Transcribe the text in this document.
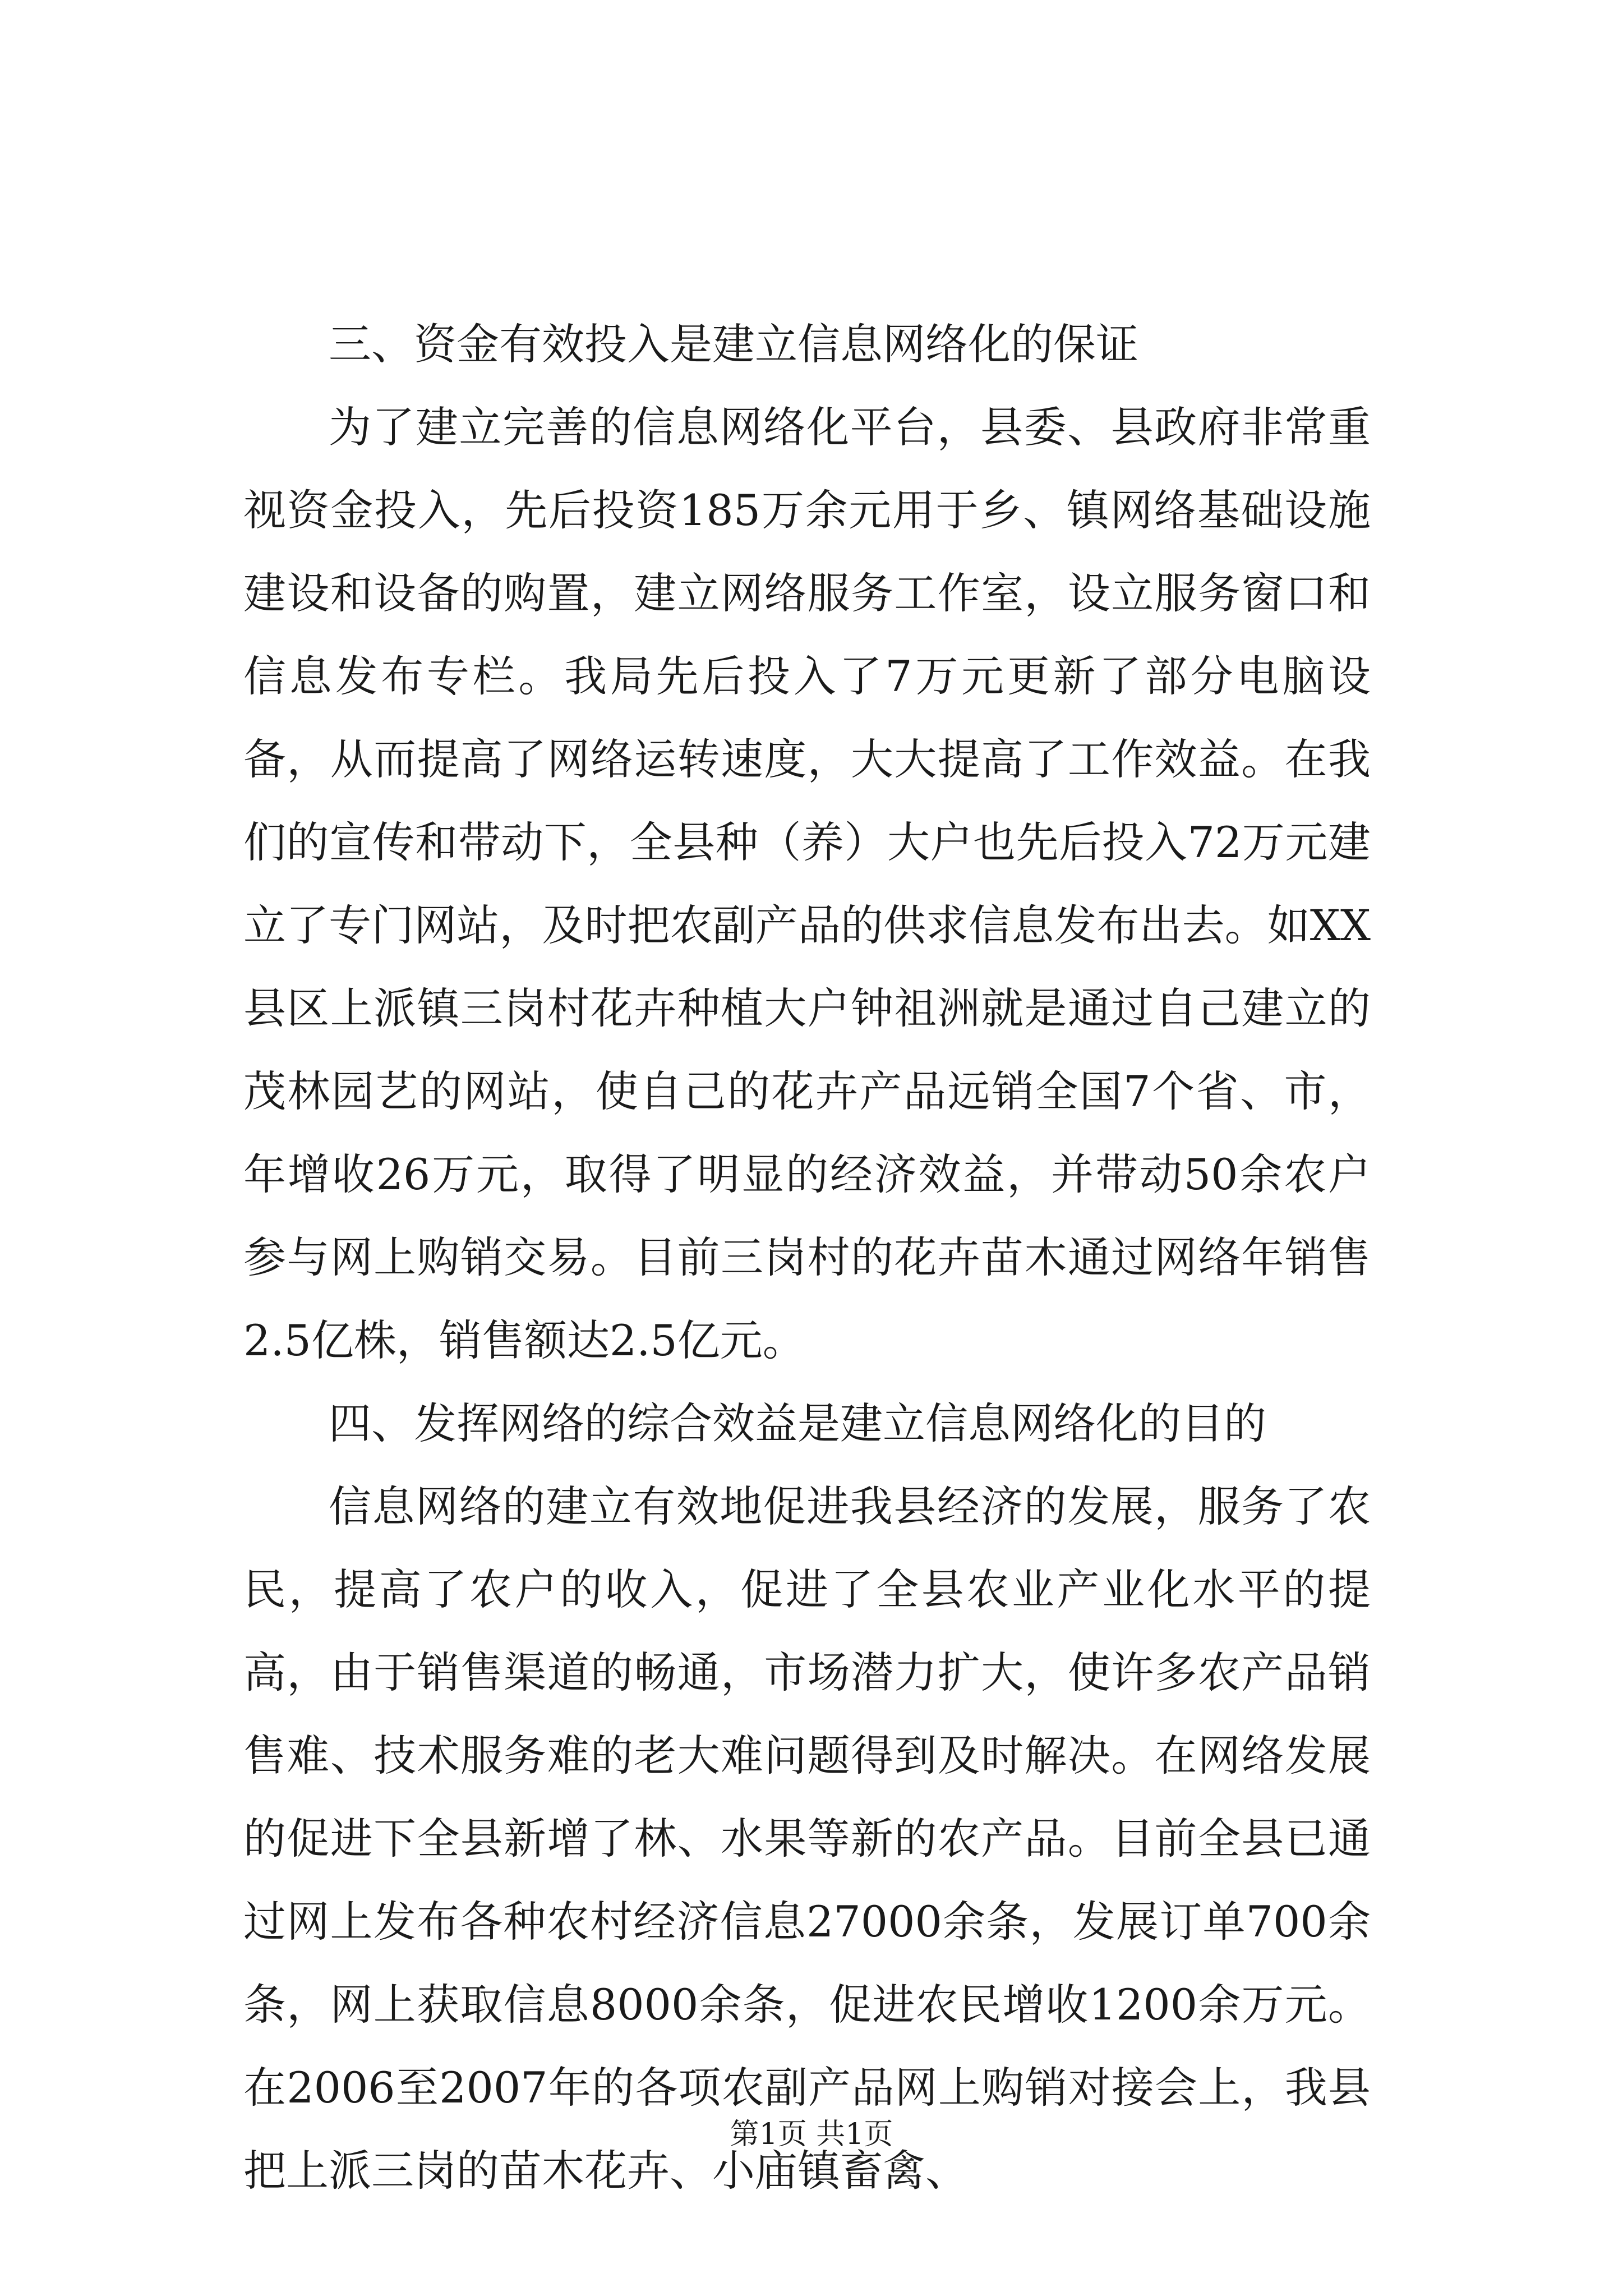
三、资金有效投入是建立信息网络化的保证

为了建立完善的信息网络化平台，县委、县政府非常重视资金投入，先后投资185万余元用于乡、镇网络基础设施建设和设备的购置，建立网络服务工作室，设立服务窗口和信息发布专栏。我局先后投入了7万元更新了部分电脑设备，从而提高了网络运转速度，大大提高了工作效益。在我们的宣传和带动下，全县种（养）大户也先后投入72万元建立了专门网站，及时把农副产品的供求信息发布出去。如XX县区上派镇三岗村花卉种植大户钟祖洲就是通过自己建立的茂林园艺的网站，使自己的花卉产品远销全国7个省、市，年增收26万元，取得了明显的经济效益，并带动50余农户参与网上购销交易。目前三岗村的花卉苗木通过网络年销售2.5亿株，销售额达2.5亿元。

四、发挥网络的综合效益是建立信息网络化的目的

信息网络的建立有效地促进我县经济的发展，服务了农民，提高了农户的收入，促进了全县农业产业化水平的提高，由于销售渠道的畅通，市场潜力扩大，使许多农产品销售难、技术服务难的老大难问题得到及时解决。在网络发展的促进下全县新增了林、水果等新的农产品。目前全县已通过网上发布各种农村经济信息27000余条，发展订单700余条，网上获取信息8000余条，促进农民增收1200余万元。在2006至2007年的各项农副产品网上购销对接会上，我县把上派三岗的苗木花卉、小庙镇畜禽、

第1页 共1页
